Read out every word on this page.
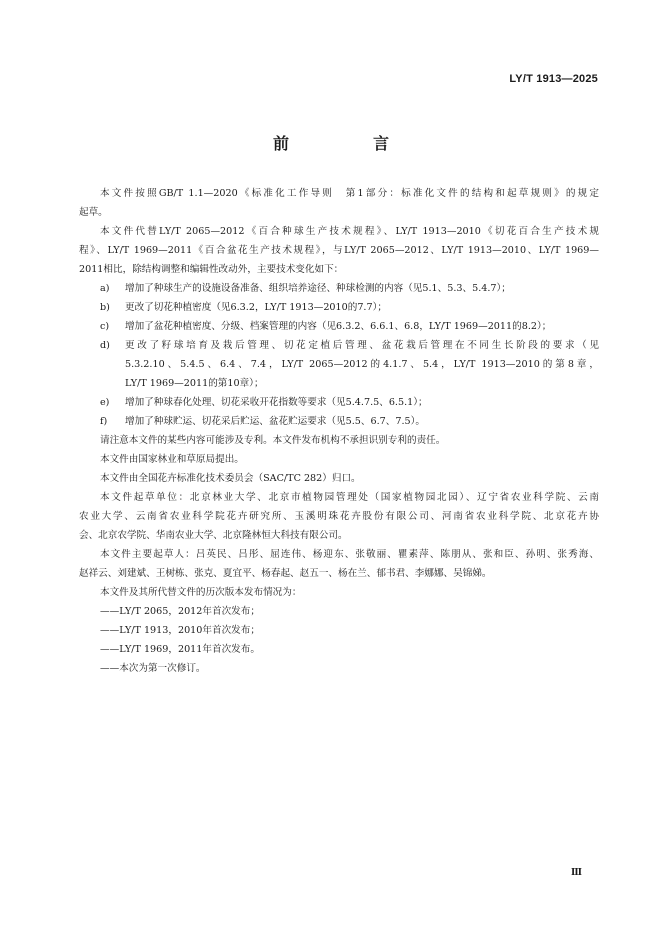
LY/T 1913—2025
前　言
本文件按照GB/T 1.1—2020《标准化工作导则　第1部分：标准化文件的结构和起草规则》的规定
起草。
本文件代替LY/T 2065—2012《百合种球生产技术规程》、LY/T 1913—2010《切花百合生产技术规
程》、LY/T 1969—2011《百合盆花生产技术规程》，与LY/T 2065—2012、LY/T 1913—2010、LY/T 1969—
2011相比，除结构调整和编辑性改动外，主要技术变化如下：
a) 增加了种球生产的设施设备准备、组织培养途径、种球检测的内容（见5.1、5.3、5.4.7）；
b) 更改了切花种植密度（见6.3.2，LY/T 1913—2010的7.7）；
c) 增加了盆花种植密度、分级、档案管理的内容（见6.3.2、6.6.1、6.8，LY/T 1969—2011的8.2）；
d) 更改了籽球培育及栽后管理、切花定植后管理、盆花栽后管理在不同生长阶段的要求（见
5.3.2.10、5.4.5、6.4、7.4，LY/T 2065—2012的4.1.7、5.4，LY/T 1913—2010的第8章，
LY/T 1969—2011的第10章）；
e) 增加了种球春化处理、切花采收开花指数等要求（见5.4.7.5、6.5.1）；
f) 增加了种球贮运、切花采后贮运、盆花贮运要求（见5.5、6.7、7.5）。
请注意本文件的某些内容可能涉及专利。本文件发布机构不承担识别专利的责任。
本文件由国家林业和草原局提出。
本文件由全国花卉标准化技术委员会（SAC/TC 282）归口。
本文件起草单位：北京林业大学、北京市植物园管理处（国家植物园北园）、辽宁省农业科学院、云南
农业大学、云南省农业科学院花卉研究所、玉溪明珠花卉股份有限公司、河南省农业科学院、北京花卉协
会、北京农学院、华南农业大学、北京隆林恒大科技有限公司。
本文件主要起草人：吕英民、吕彤、屈连伟、杨迎东、张敬丽、瞿素萍、陈朋从、张和臣、孙明、张秀海、
赵祥云、刘建斌、王树栋、张克、夏宜平、杨春起、赵五一、杨在兰、郁书君、李娜娜、吴锦娣。
本文件及其所代替文件的历次版本发布情况为：
——LY/T 2065，2012年首次发布；
——LY/T 1913，2010年首次发布；
——LY/T 1969，2011年首次发布。
——本次为第一次修订。
Ⅲ
